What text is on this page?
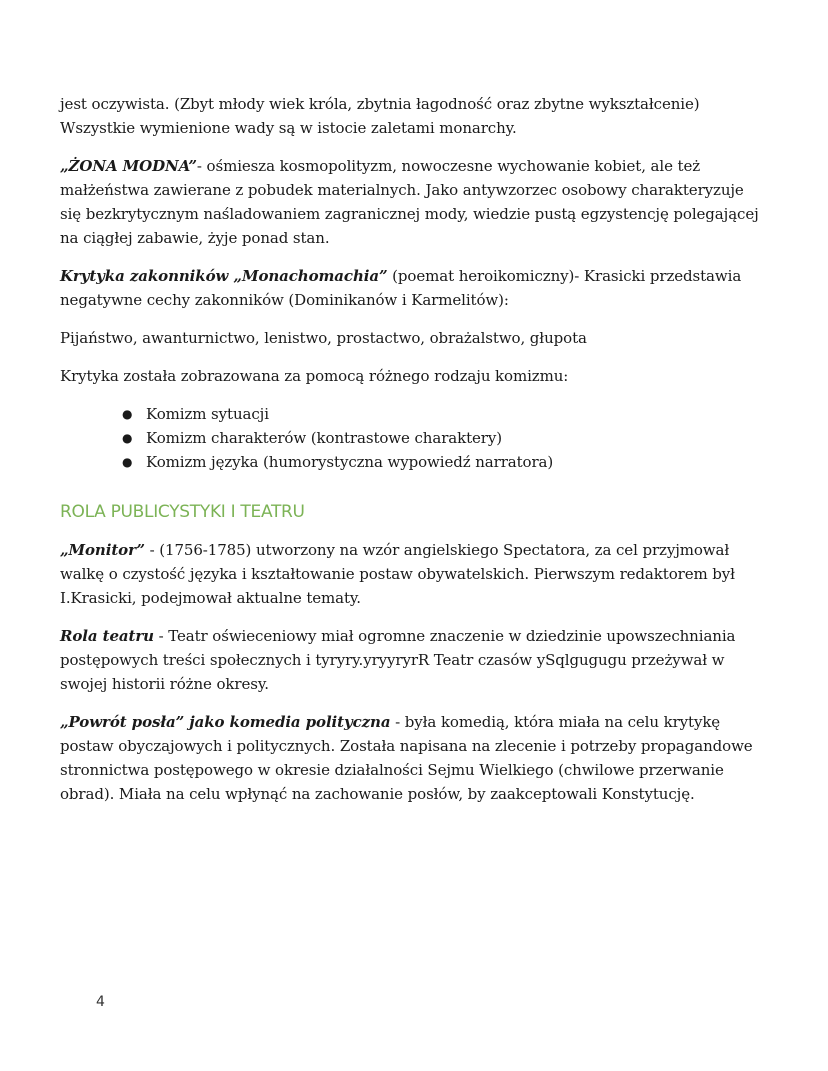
jest oczywista. (Zbyt młody wiek króla, zbytnia łagodność oraz zbytne wykształcenie) Wszystkie wymienione wady są w istocie zaletami monarchy.

„ŻONA MODNA”- ośmiesza kosmopolityzm, nowoczesne wychowanie kobiet, ale też małżeństwa zawierane z pobudek materialnych. Jako antywzorzec osobowy charakteryzuje się bezkrytycznym naśladowaniem zagranicznej mody, wiedzie pustą egzystencję polegającej na ciągłej zabawie, żyje ponad stan.

Krytyka zakonników „Monachomachia” (poemat heroikomiczny)- Krasicki przedstawia negatywne cechy zakonników (Dominikanów i Karmelitów):

Pijaństwo, awanturnictwo, lenistwo, prostactwo, obrażalstwo, głupota

Krytyka została zobrazowana za pomocą różnego rodzaju komizmu:

● Komizm sytuacji
● Komizm charakterów (kontrastowe charaktery)
● Komizm języka (humorystyczna wypowiedź narratora)
ROLA PUBLICYSTYKI I TEATRU

„Monitor” - (1756-1785) utworzony na wzór angielskiego Spectatora, za cel przyjmował walkę o czystość języka i kształtowanie postaw obywatelskich. Pierwszym redaktorem był I.Krasicki, podejmował aktualne tematy.

Rola teatru - Teatr oświeceniowy miał ogromne znaczenie w dziedzinie upowszechniania postępowych treści społecznych i tyryry.yryyryrR Teatr czasów ySqlgugugu przeżywał w swojej historii różne okresy.

„Powrót posła” jako komedia polityczna - była komedią, która miała na celu krytykę postaw obyczajowych i politycznych. Została napisana na zlecenie i potrzeby propagandowe stronnictwa postępowego w okresie działalności Sejmu Wielkiego (chwilowe przerwanie obrad). Miała na celu wpłynąć na zachowanie posłów, by zaakceptowali Konstytucję.

4
